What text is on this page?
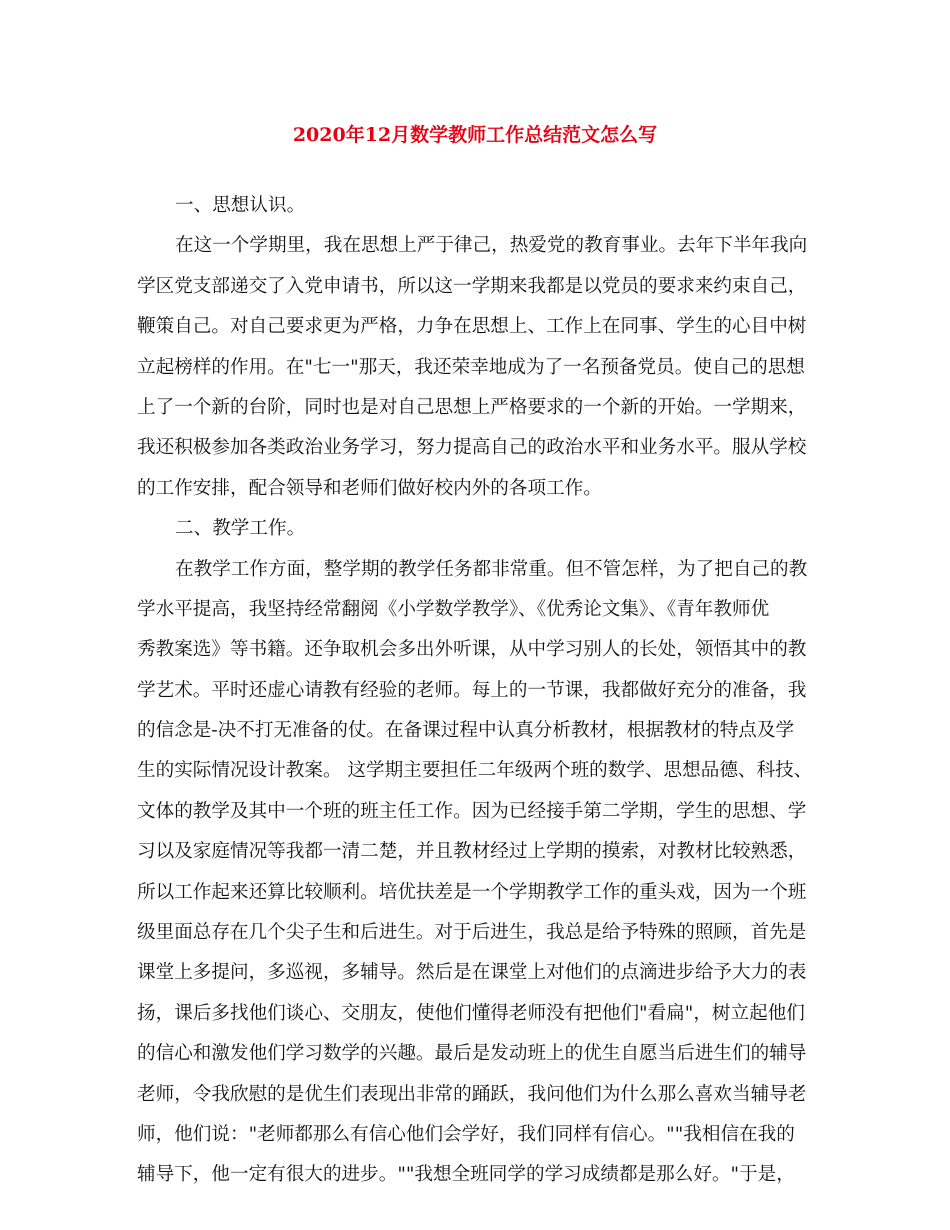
2020年12月数学教师工作总结范文怎么写
一、思想认识。
在这一个学期里，我在思想上严于律己，热爱党的教育事业。去年下半年我向
学区党支部递交了入党申请书，所以这一学期来我都是以党员的要求来约束自己，
鞭策自己。对自己要求更为严格，力争在思想上、工作上在同事、学生的心目中树
立起榜样的作用。在"七一"那天，我还荣幸地成为了一名预备党员。使自己的思想
上了一个新的台阶，同时也是对自己思想上严格要求的一个新的开始。一学期来，
我还积极参加各类政治业务学习，努力提高自己的政治水平和业务水平。服从学校
的工作安排，配合领导和老师们做好校内外的各项工作。
二、教学工作。
在教学工作方面，整学期的教学任务都非常重。但不管怎样，为了把自己的教
学水平提高，我坚持经常翻阅《小学数学教学》、《优秀论文集》、《青年教师优
秀教案选》等书籍。还争取机会多出外听课，从中学习别人的长处，领悟其中的教
学艺术。平时还虚心请教有经验的老师。每上的一节课，我都做好充分的准备，我
的信念是-决不打无准备的仗。在备课过程中认真分析教材，根据教材的特点及学
生的实际情况设计教案。 这学期主要担任二年级两个班的数学、思想品德、科技、
文体的教学及其中一个班的班主任工作。因为已经接手第二学期，学生的思想、学
习以及家庭情况等我都一清二楚，并且教材经过上学期的摸索，对教材比较熟悉，
所以工作起来还算比较顺利。培优扶差是一个学期教学工作的重头戏，因为一个班
级里面总存在几个尖子生和后进生。对于后进生，我总是给予特殊的照顾，首先是
课堂上多提问，多巡视，多辅导。然后是在课堂上对他们的点滴进步给予大力的表
扬，课后多找他们谈心、交朋友，使他们懂得老师没有把他们"看扁"，树立起他们
的信心和激发他们学习数学的兴趣。最后是发动班上的优生自愿当后进生们的辅导
老师，令我欣慰的是优生们表现出非常的踊跃，我问他们为什么那么喜欢当辅导老
师，他们说："老师都那么有信心他们会学好，我们同样有信心。""我相信在我的
辅导下，他一定有很大的进步。""我想全班同学的学习成绩都是那么好。"于是，
